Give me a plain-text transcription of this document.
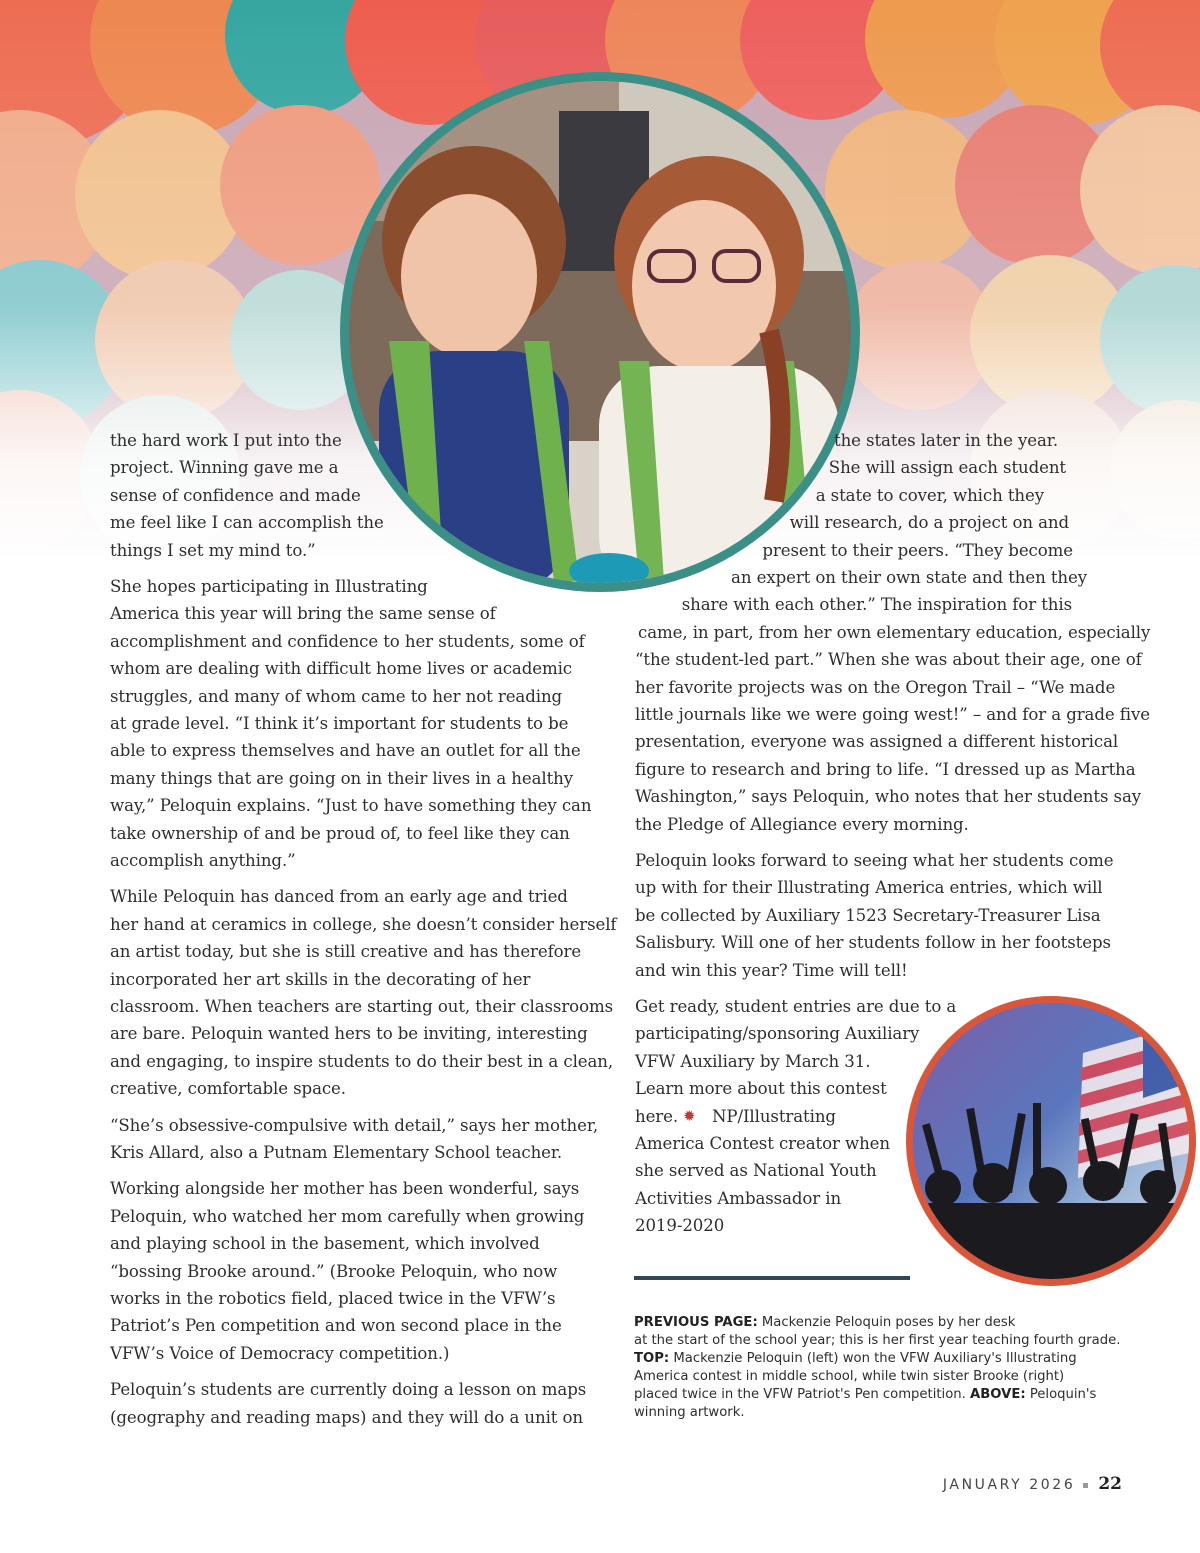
the hard work I put into the
project. Winning gave me a
sense of confidence and made
me feel like I can accomplish the
things I set my mind to.”
She hopes participating in Illustrating
America this year will bring the same sense of
accomplishment and confidence to her students, some of
whom are dealing with difficult home lives or academic
struggles, and many of whom came to her not reading
at grade level. “I think it’s important for students to be
able to express themselves and have an outlet for all the
many things that are going on in their lives in a healthy
way,” Peloquin explains. “Just to have something they can
take ownership of and be proud of, to feel like they can
accomplish anything.”
While Peloquin has danced from an early age and tried
her hand at ceramics in college, she doesn’t consider herself
an artist today, but she is still creative and has therefore
incorporated her art skills in the decorating of her
classroom. When teachers are starting out, their classrooms
are bare. Peloquin wanted hers to be inviting, interesting
and engaging, to inspire students to do their best in a clean,
creative, comfortable space.
“She’s obsessive-compulsive with detail,” says her mother,
Kris Allard, also a Putnam Elementary School teacher.
Working alongside her mother has been wonderful, says
Peloquin, who watched her mom carefully when growing
and playing school in the basement, which involved
“bossing Brooke around.” (Brooke Peloquin, who now
works in the robotics field, placed twice in the VFW’s
Patriot’s Pen competition and won second place in the
VFW’s Voice of Democracy competition.)
Peloquin’s students are currently doing a lesson on maps
(geography and reading maps) and they will do a unit on
the states later in the year.
She will assign each student
a state to cover, which they
will research, do a project on and
present to their peers. “They become
an expert on their own state and then they
share with each other.” The inspiration for this
came, in part, from her own elementary education, especially
“the student-led part.” When she was about their age, one of
her favorite projects was on the Oregon Trail – “We made
little journals like we were going west!” – and for a grade five
presentation, everyone was assigned a different historical
figure to research and bring to life. “I dressed up as Martha
Washington,” says Peloquin, who notes that her students say
the Pledge of Allegiance every morning.
Peloquin looks forward to seeing what her students come
up with for their Illustrating America entries, which will
be collected by Auxiliary 1523 Secretary-Treasurer Lisa
Salisbury. Will one of her students follow in her footsteps
and win this year? Time will tell!
Get ready, student entries are due to a
participating/sponsoring Auxiliary
VFW Auxiliary by March 31.
Learn more about this contest
here. ✹ NP/Illustrating
America Contest creator when
she served as National Youth
Activities Ambassador in
2019-2020
PREVIOUS PAGE: Mackenzie Peloquin poses by her desk
at the start of the school year; this is her first year teaching fourth grade.
TOP: Mackenzie Peloquin (left) won the VFW Auxiliary's Illustrating
America contest in middle school, while twin sister Brooke (right)
placed twice in the VFW Patriot's Pen competition. ABOVE: Peloquin's
winning artwork.
JANUARY 2026 22
